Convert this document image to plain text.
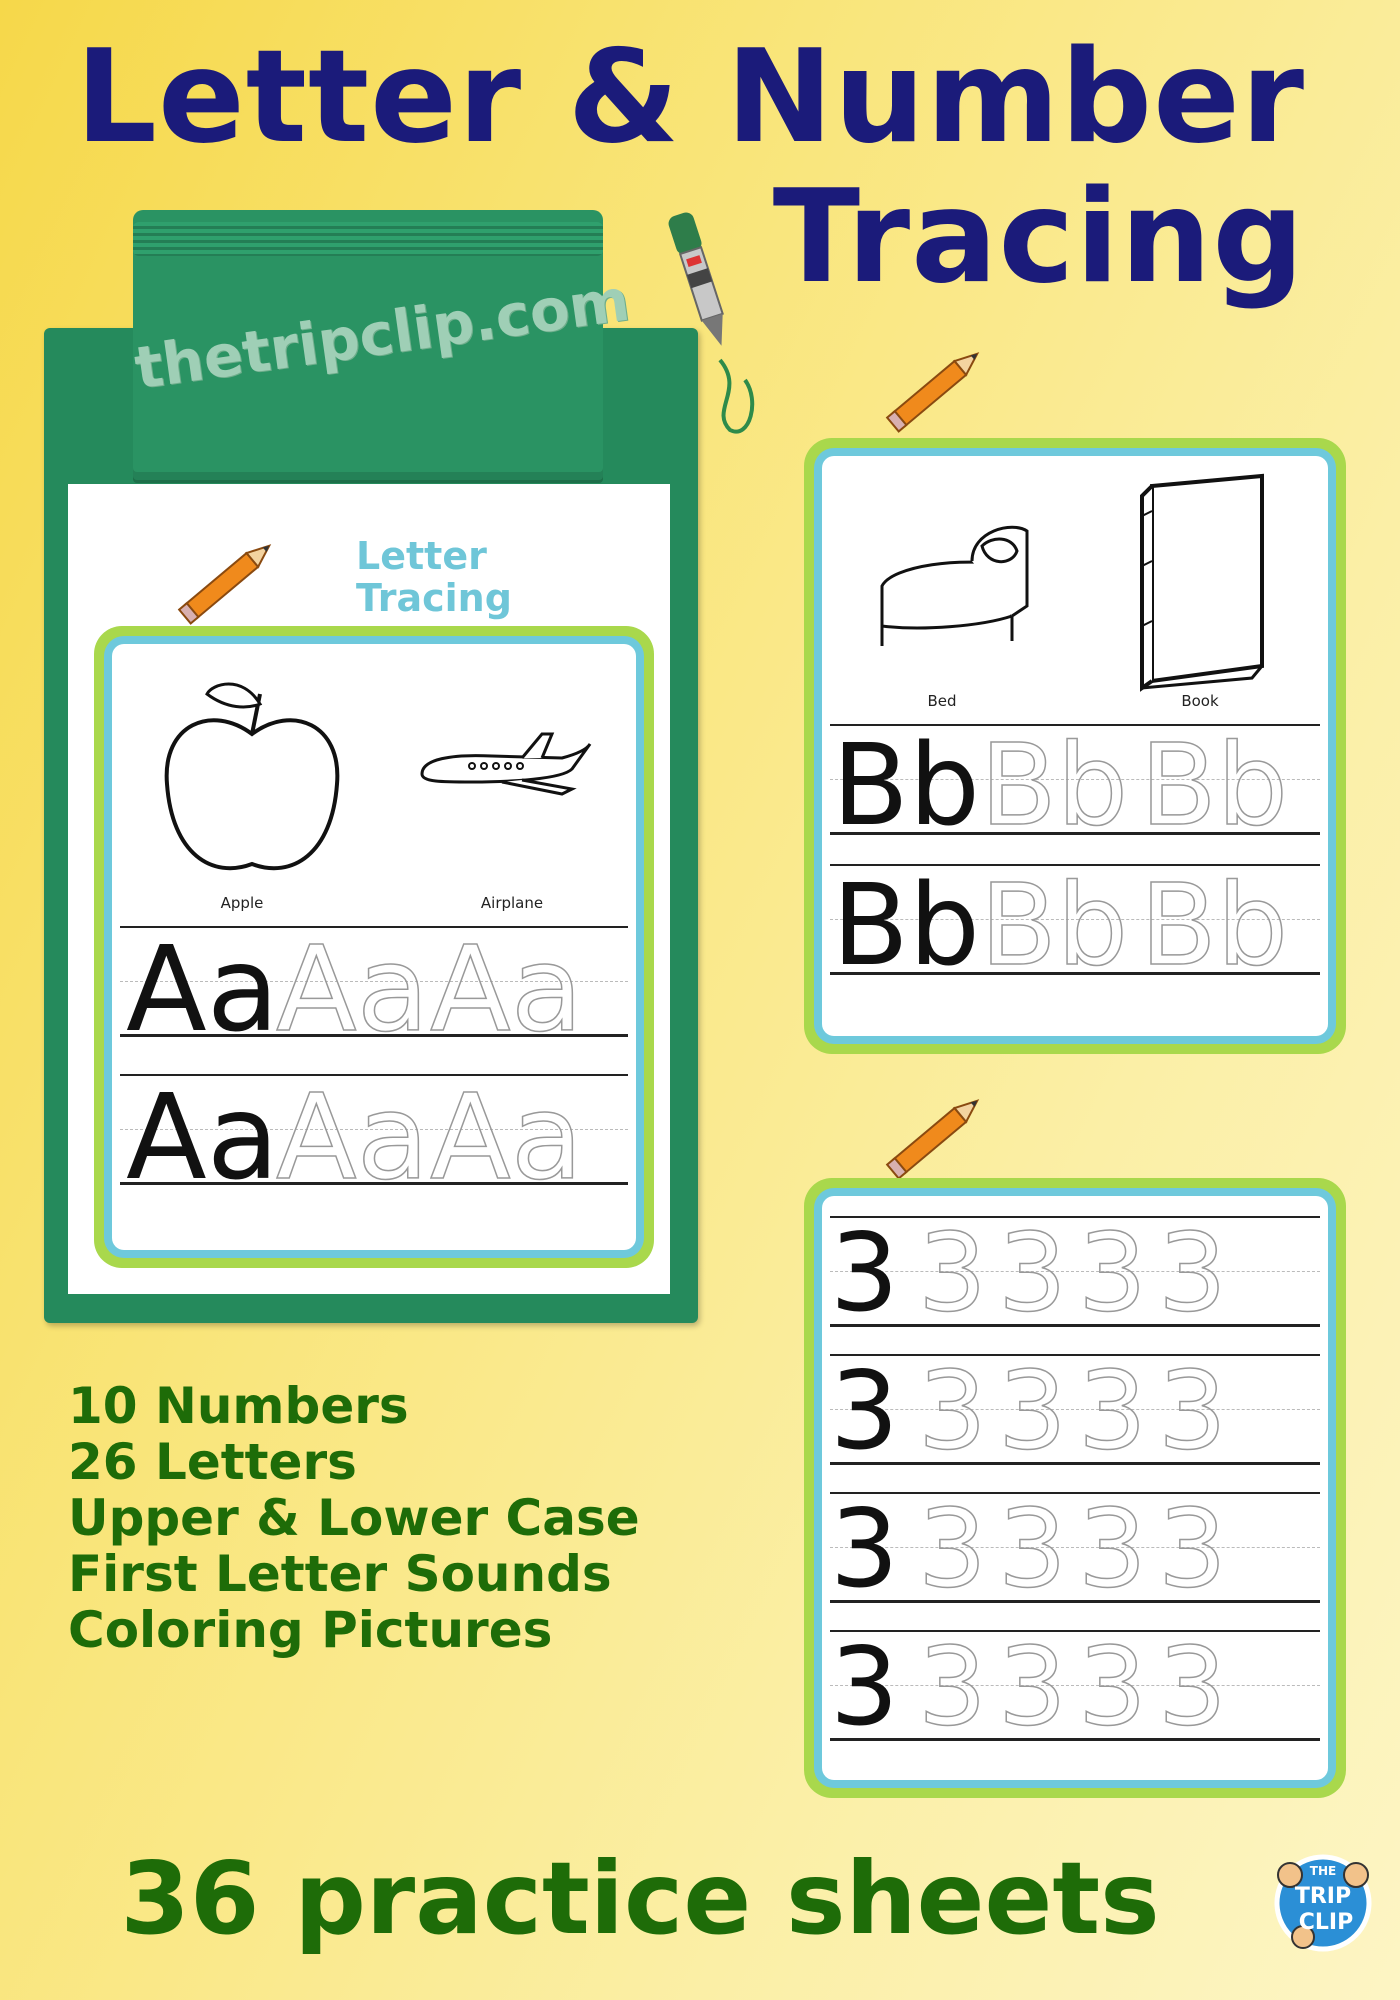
Letter & Number
Tracing
thetripclip.com
Letter
Tracing
Apple	Airplane
Aa
Aa Aa
Aa
Aa Aa
Bed	Book
Bb Bb Bb
Bb Bb Bb
3 3 3 3 3
3 3 3 3 3
3 3 3 3 3
3 3 3 3 3
10 Numbers
26 Letters
Upper & Lower Case
First Letter Sounds
Coloring Pictures
36 practice sheets	THE
TRIP
CLIP
